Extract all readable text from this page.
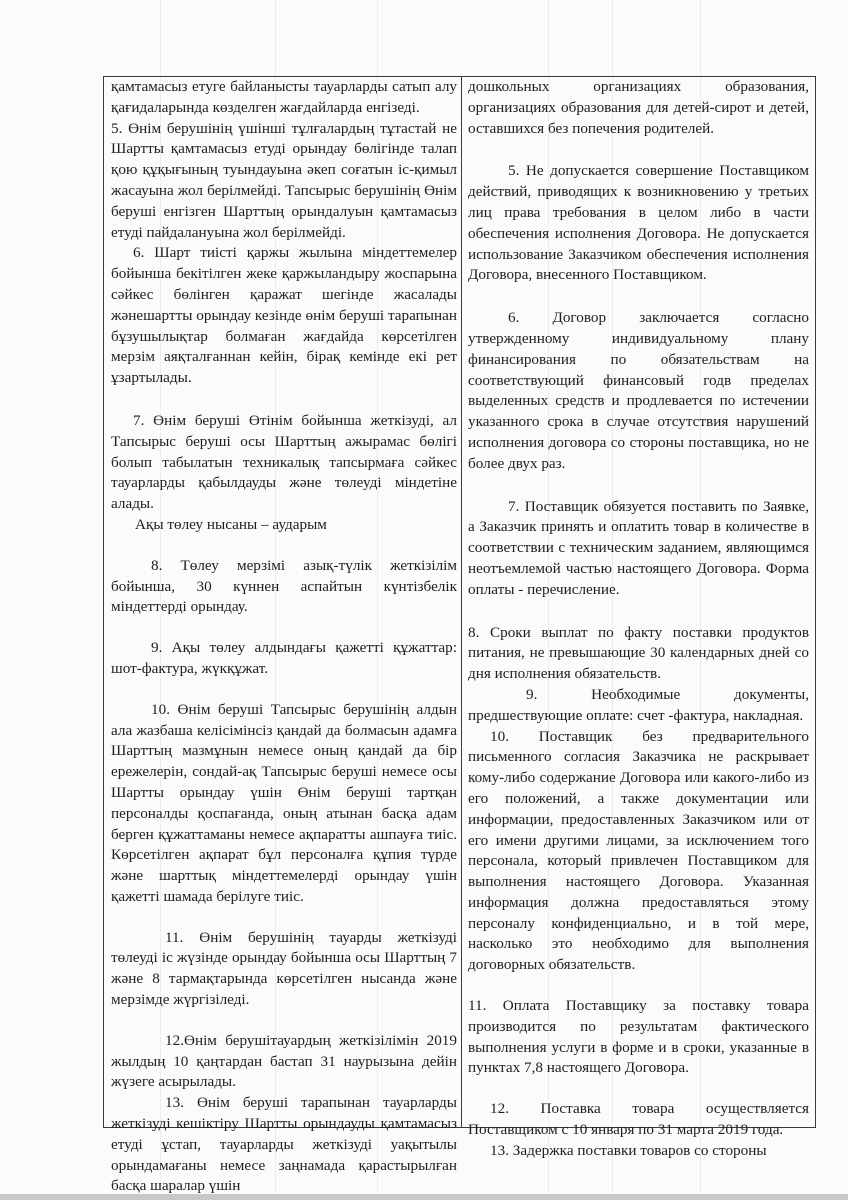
қамтамасыз етуге байланысты тауарларды сатып алу қағидаларында көзделген жағдайларда енгізеді.

5. Өнім берушінің үшінші тұлғалардың тұтастай не Шартты қамтамасыз етуді орындау бөлігінде талап қою құқығының туындауына әкеп соғатын іс-қимыл жасауына жол берілмейді. Тапсырыс берушінің Өнім беруші енгізген Шарттың орындалуын қамтамасыз етуді пайдалануына жол берілмейді.

6. Шарт тиісті қаржы жылына міндеттемелер бойынша бекітілген жеке қаржыландыру жоспарына сәйкес бөлінген қаражат шегінде жасалады жәнешартты орындау кезінде өнім беруші тарапынан бұзушылықтар болмаған жағдайда көрсетілген мерзім аяқталғаннан кейін, бірақ кемінде екі рет ұзартылады.

7. Өнім беруші Өтінім бойынша жеткізуді, ал Тапсырыс беруші осы Шарттың ажырамас бөлігі болып табылатын техникалық тапсырмаға сәйкес тауарларды қабылдауды және төлеуді міндетіне алады.

Ақы төлеу нысаны – аударым

8. Төлеу мерзімі азық-түлік жеткізілім бойынша, 30 күннен аспайтын күнтізбелік міндеттерді орындау.

9. Ақы төлеу алдындағы қажетті құжаттар: шот-фактура, жүкқұжат.

10. Өнім беруші Тапсырыс берушінің алдын ала жазбаша келісімінсіз қандай да болмасын адамға Шарттың мазмұнын немесе оның қандай да бір ережелерін, сондай-ақ Тапсырыс беруші немесе осы Шартты орындау үшін Өнім беруші тартқан персоналды қоспағанда, оның атынан басқа адам берген құжаттаманы немесе ақпаратты ашпауға тиіс. Көрсетілген ақпарат бұл персоналға құпия түрде және шарттық міндеттемелерді орындау үшін қажетті шамада берілуге тиіс.

11. Өнім берушінің тауарды жеткізуді төлеуді іс жүзінде орындау бойынша осы Шарттың 7 және 8 тармақтарында көрсетілген нысанда және мерзімде жүргізіледі.

12.Өнім берушітауардың жеткізілімін 2019 жылдың 10 қаңтардан бастап 31 наурызына дейін жүзеге асырылады.

13. Өнім беруші тарапынан тауарларды жеткізуді кешіктіру Шартты орындауды қамтамасыз етуді ұстап, тауарларды жеткізуді уақытылы орындамағаны немесе заңнамада қарастырылған басқа шаралар үшін

дошкольных организациях образования, организациях образования для детей-сирот и детей, оставшихся без попечения родителей.

5. Не допускается совершение Поставщиком действий, приводящих к возникновению у третьих лиц права требования в целом либо в части обеспечения исполнения Договора. Не допускается использование Заказчиком обеспечения исполнения Договора, внесенного Поставщиком.

6. Договор заключается согласно утвержденному индивидуальному плану финансирования по обязательствам на соответствующий финансовый годв пределах выделенных средств и продлевается по истечении указанного срока в случае отсутствия нарушений исполнения договора со стороны поставщика, но не более двух раз.

7. Поставщик обязуется поставить по Заявке, а Заказчик принять и оплатить товар в количестве в соответствии с техническим заданием, являющимся неотъемлемой частью настоящего Договора. Форма оплаты - перечисление.

8. Сроки выплат по факту поставки продуктов питания, не превышающие 30 календарных дней со дня исполнения обязательств.

9. Необходимые документы, предшествующие оплате: счет -фактура, накладная.

10. Поставщик без предварительного письменного согласия Заказчика не раскрывает кому-либо содержание Договора или какого-либо из его положений, а также документации или информации, предоставленных Заказчиком или от его имени другими лицами, за исключением того персонала, который привлечен Поставщиком для выполнения настоящего Договора. Указанная информация должна предоставляться этому персоналу конфиденциально, и в той мере, насколько это необходимо для выполнения договорных обязательств.

11. Оплата Поставщику за поставку товара производится по результатам фактического выполнения услуги в форме и в сроки, указанные в пунктах 7,8 настоящего Договора.

12. Поставка товара осуществляется Поставщиком с 10 января по 31 марта 2019 года.

13. Задержка поставки товаров со стороны
